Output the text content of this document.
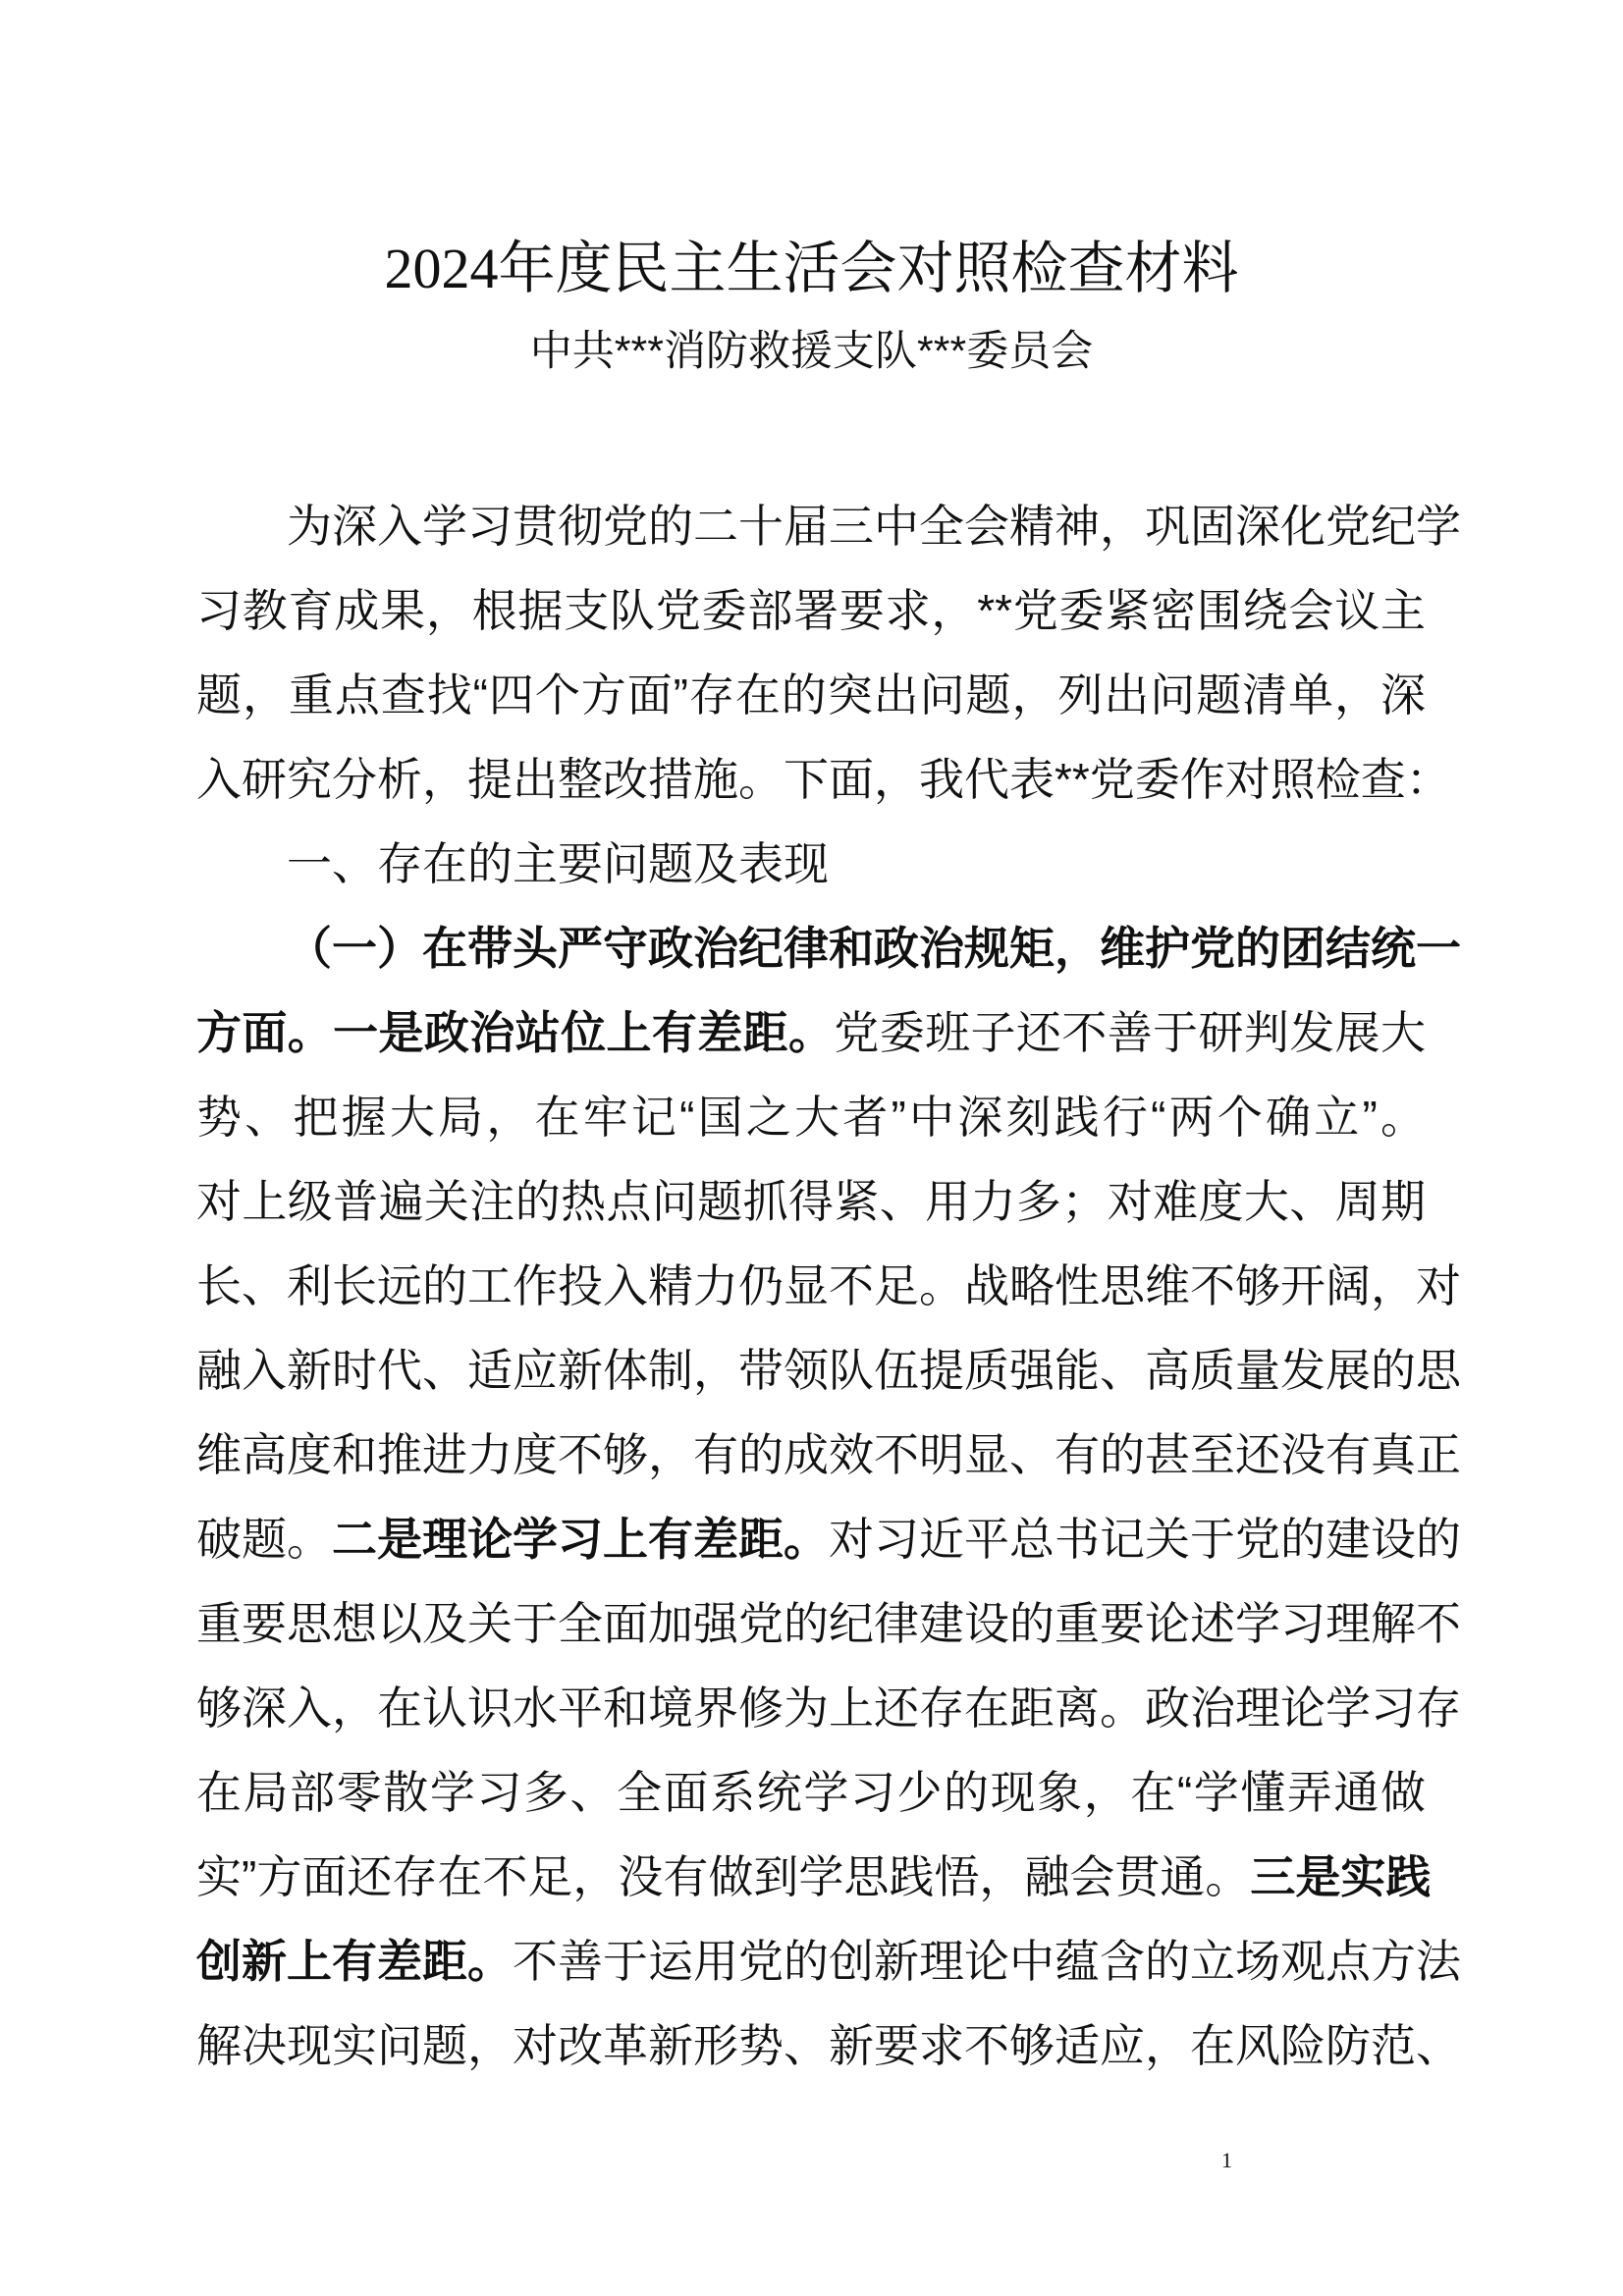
2024年度民主生活会对照检查材料
中共***消防救援支队***委员会
为深入学习贯彻党的二十届三中全会精神，巩固深化党纪学
习教育成果，根据支队党委部署要求，**党委紧密围绕会议主
题，重点查找“四个方面”存在的突出问题，列出问题清单，深
入研究分析，提出整改措施。下面，我代表**党委作对照检查：
一、存在的主要问题及表现
（一）在带头严守政治纪律和政治规矩，维护党的团结统一
方面。一是政治站位上有差距。党委班子还不善于研判发展大
势、把握大局，在牢记“国之大者”中深刻践行“两个确立”。
对上级普遍关注的热点问题抓得紧、用力多；对难度大、周期
长、利长远的工作投入精力仍显不足。战略性思维不够开阔，对
融入新时代、适应新体制，带领队伍提质强能、高质量发展的思
维高度和推进力度不够，有的成效不明显、有的甚至还没有真正
破题。二是理论学习上有差距。对习近平总书记关于党的建设的
重要思想以及关于全面加强党的纪律建设的重要论述学习理解不
够深入，在认识水平和境界修为上还存在距离。政治理论学习存
在局部零散学习多、全面系统学习少的现象，在“学懂弄通做
实”方面还存在不足，没有做到学思践悟，融会贯通。三是实践
创新上有差距。不善于运用党的创新理论中蕴含的立场观点方法
解决现实问题，对改革新形势、新要求不够适应，在风险防范、
1
